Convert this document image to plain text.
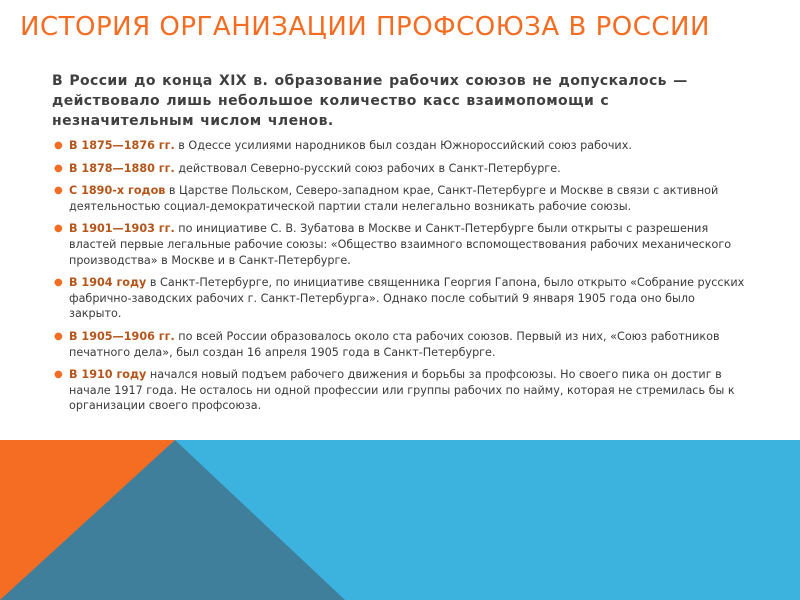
ИСТОРИЯ ОРГАНИЗАЦИИ ПРОФСОЮЗА В РОССИИ
В России до конца XIX в. образование рабочих союзов не допускалось — действовало лишь небольшое количество касс взаимопомощи с незначительным числом членов.
● В 1875—1876 гг. в Одессе усилиями народников был создан Южнороссийский союз рабочих.
● В 1878—1880 гг. действовал Северно-русский союз рабочих в Санкт-Петербурге.
● С 1890-х годов в Царстве Польском, Северо-западном крае, Санкт-Петербурге и Москве в связи с активной деятельностью социал-демократической партии стали нелегально возникать рабочие союзы.
● В 1901—1903 гг. по инициативе С. В. Зубатова в Москве и Санкт-Петербурге были открыты с разрешения властей первые легальные рабочие союзы: «Общество взаимного вспомоществования рабочих механического производства» в Москве и в Санкт-Петербурге.
● В 1904 году в Санкт-Петербурге, по инициативе священника Георгия Гапона, было открыто «Собрание русских фабрично-заводских рабочих г. Санкт-Петербурга». Однако после событий 9 января 1905 года оно было закрыто.
● В 1905—1906 гг. по всей России образовалось около ста рабочих союзов. Первый из них, «Союз работников печатного дела», был создан 16 апреля 1905 года в Санкт-Петербурге.
● В 1910 году начался новый подъем рабочего движения и борьбы за профсоюзы. Но своего пика он достиг в начале 1917 года. Не осталось ни одной профессии или группы рабочих по найму, которая не стремилась бы к организации своего профсоюза.
